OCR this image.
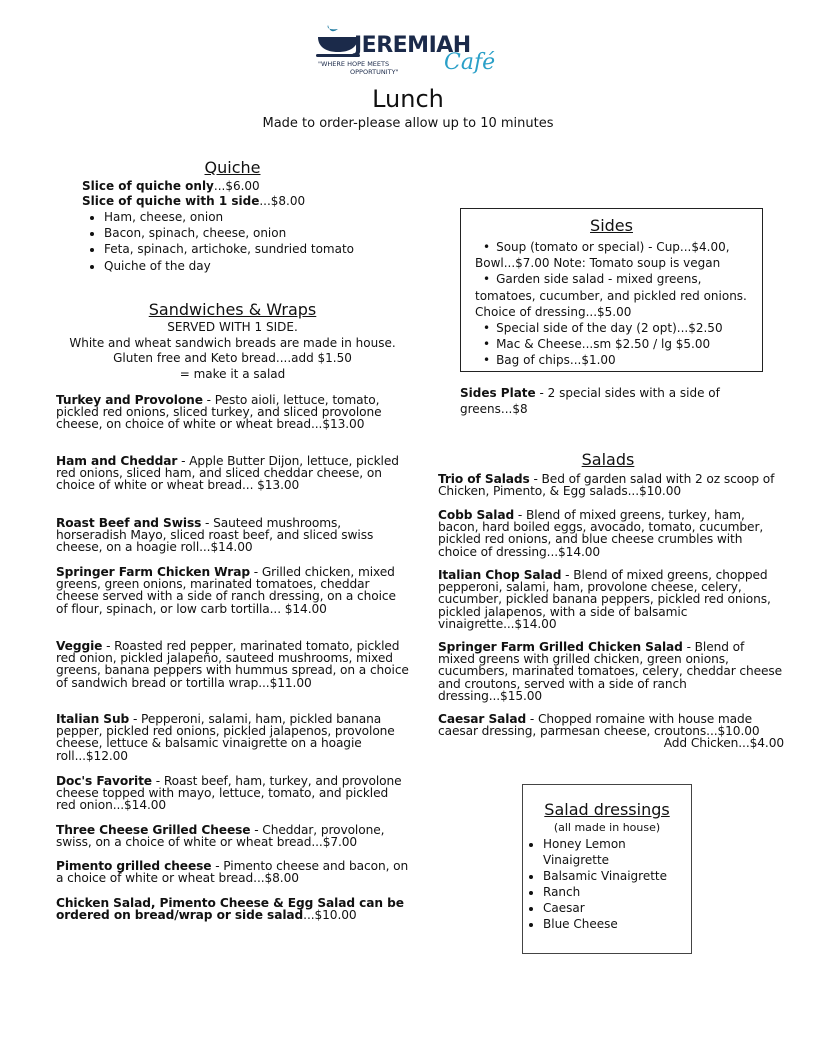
JEREMIAH
"WHERE HOPE MEETS
OPPORTUNITY" Café
Lunch
Made to order-please allow up to 10 minutes
Quiche
Slice of quiche only...$6.00
Slice of quiche with 1 side...$8.00
• Ham, cheese, onion
• Bacon, spinach, cheese, onion
• Feta, spinach, artichoke, sundried tomato
• Quiche of the day
Sandwiches & Wraps
SERVED WITH 1 SIDE.
White and wheat sandwich breads are made in house.
Gluten free and Keto bread....add $1.50
= make it a salad
Turkey and Provolone - Pesto aioli, lettuce, tomato, pickled red onions, sliced turkey, and sliced provolone cheese, on choice of white or wheat bread...$13.00
Ham and Cheddar - Apple Butter Dijon, lettuce, pickled red onions, sliced ham, and sliced cheddar cheese, on choice of white or wheat bread... $13.00
Roast Beef and Swiss - Sauteed mushrooms, horseradish Mayo, sliced roast beef, and sliced swiss cheese, on a hoagie roll...$14.00
Springer Farm Chicken Wrap - Grilled chicken, mixed greens, green onions, marinated tomatoes, cheddar cheese served with a side of ranch dressing, on a choice of flour, spinach, or low carb tortilla... $14.00
Veggie - Roasted red pepper, marinated tomato, pickled red onion, pickled jalapeño, sauteed mushrooms, mixed greens, banana peppers with hummus spread, on a choice of sandwich bread or tortilla wrap...$11.00
Italian Sub - Pepperoni, salami, ham, pickled banana pepper, pickled red onions, pickled jalapenos, provolone cheese, lettuce & balsamic vinaigrette on a hoagie roll...$12.00
Doc's Favorite - Roast beef, ham, turkey, and provolone cheese topped with mayo, lettuce, tomato, and pickled red onion...$14.00
Three Cheese Grilled Cheese - Cheddar, provolone, swiss, on a choice of white or wheat bread...$7.00
Pimento grilled cheese - Pimento cheese and bacon, on a choice of white or wheat bread...$8.00
Chicken Salad, Pimento Cheese & Egg Salad can be ordered on bread/wrap or side salad...$10.00
Sides
• Soup (tomato or special) - Cup...$4.00, Bowl...$7.00 Note: Tomato soup is vegan
• Garden side salad - mixed greens, tomatoes, cucumber, and pickled red onions. Choice of dressing...$5.00
• Special side of the day (2 opt)...$2.50
• Mac & Cheese...sm $2.50 / lg $5.00
• Bag of chips...$1.00
Sides Plate - 2 special sides with a side of greens...$8
Salads
Trio of Salads - Bed of garden salad with 2 oz scoop of Chicken, Pimento, & Egg salads...$10.00
Cobb Salad - Blend of mixed greens, turkey, ham, bacon, hard boiled eggs, avocado, tomato, cucumber, pickled red onions, and blue cheese crumbles with choice of dressing...$14.00
Italian Chop Salad - Blend of mixed greens, chopped pepperoni, salami, ham, provolone cheese, celery, cucumber, pickled banana peppers, pickled red onions, pickled jalapenos, with a side of balsamic vinaigrette...$14.00
Springer Farm Grilled Chicken Salad - Blend of mixed greens with grilled chicken, green onions, cucumbers, marinated tomatoes, celery, cheddar cheese and croutons, served with a side of ranch dressing...$15.00
Caesar Salad - Chopped romaine with house made caesar dressing, parmesan cheese, croutons...$10.00
Add Chicken...$4.00
Salad dressings
(all made in house)
• Honey Lemon Vinaigrette
• Balsamic Vinaigrette
• Ranch
• Caesar
• Blue Cheese
